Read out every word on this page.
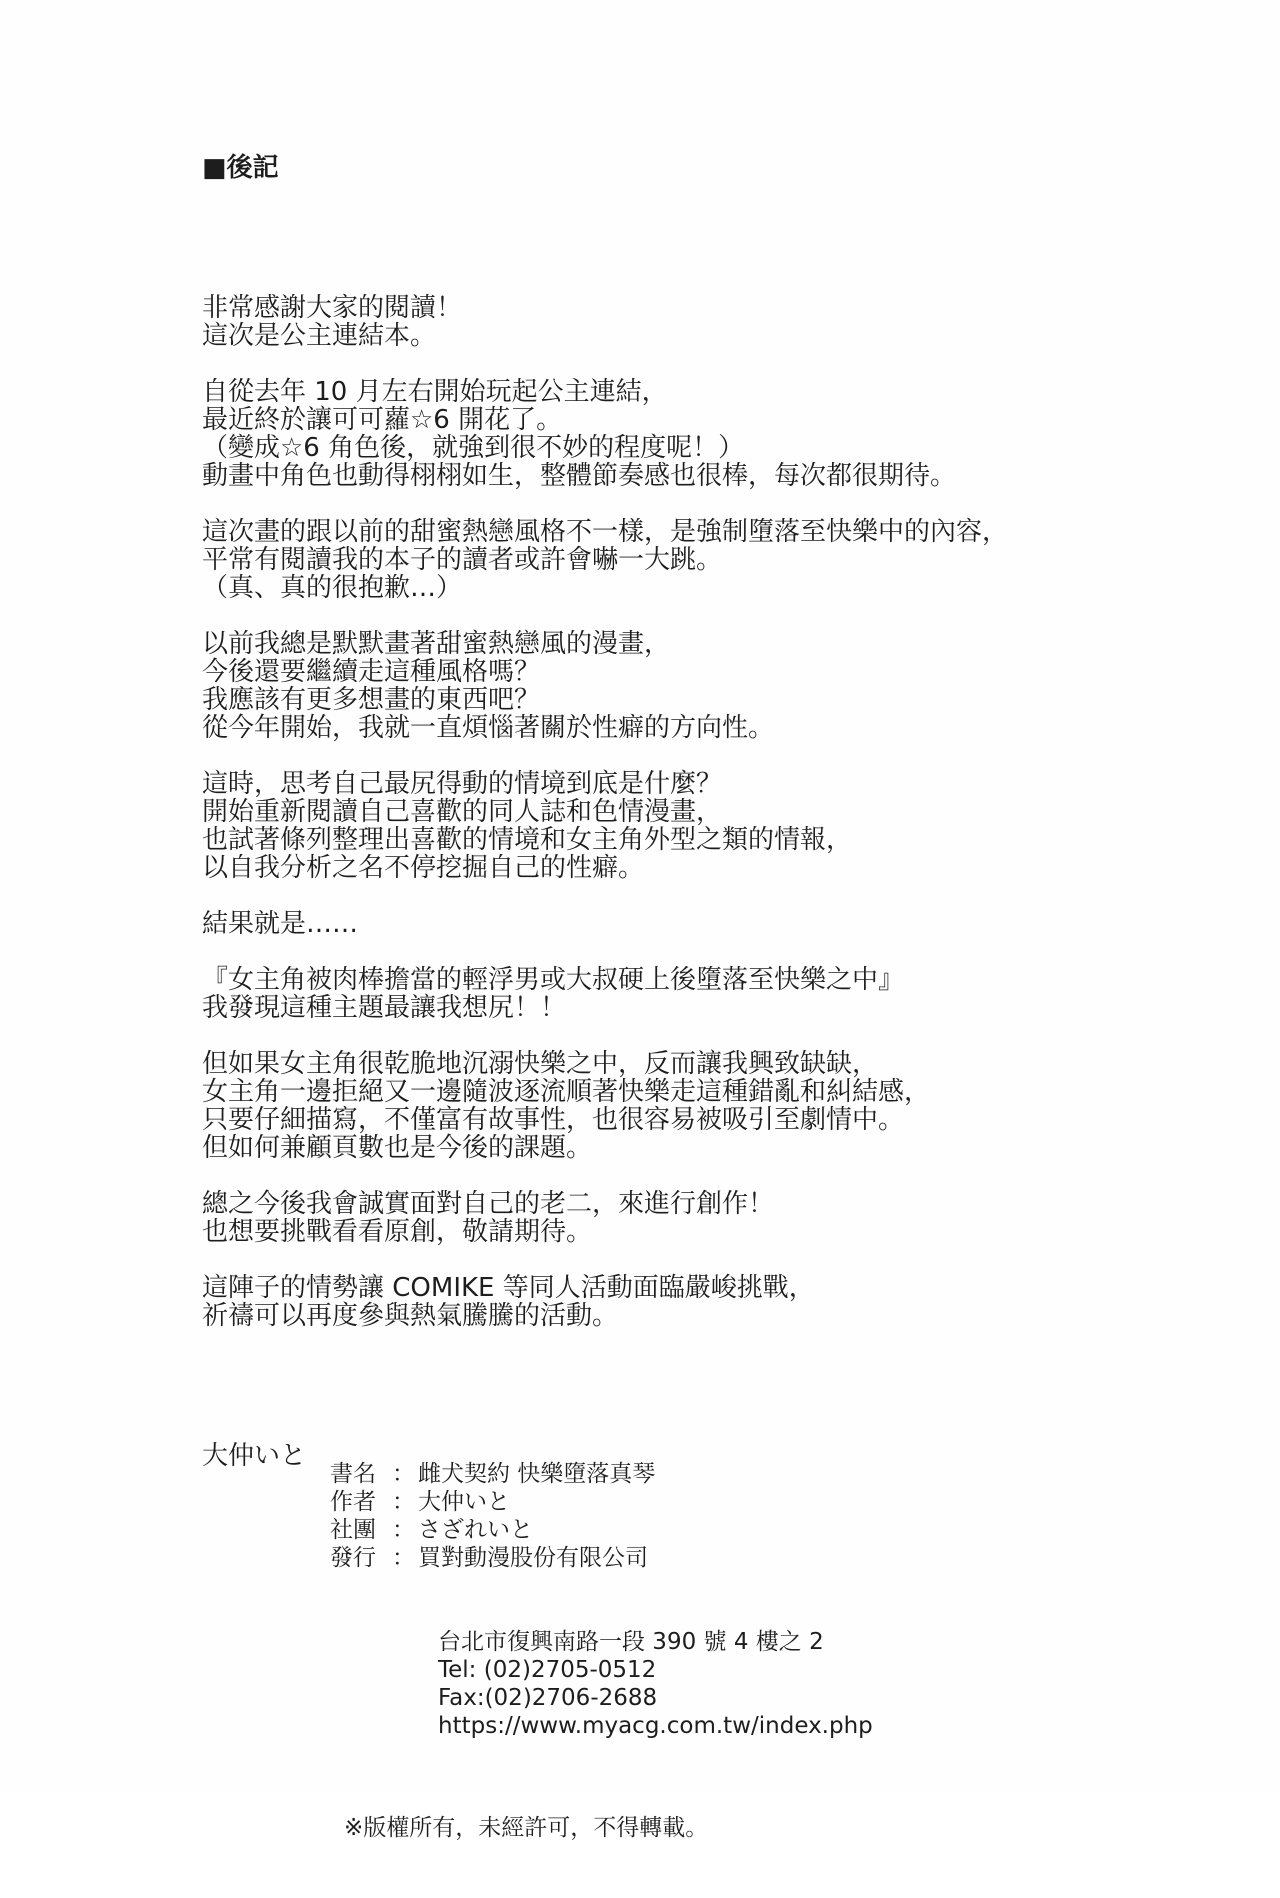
■後記

非常感謝大家的閱讀！
這次是公主連結本。

自從去年 10 月左右開始玩起公主連結，
最近終於讓可可蘿☆6 開花了。
（變成☆6 角色後，就強到很不妙的程度呢！）
動畫中角色也動得栩栩如生，整體節奏感也很棒，每次都很期待。

這次畫的跟以前的甜蜜熱戀風格不一樣，是強制墮落至快樂中的內容，
平常有閱讀我的本子的讀者或許會嚇一大跳。
（真、真的很抱歉…）

以前我總是默默畫著甜蜜熱戀風的漫畫，
今後還要繼續走這種風格嗎？
我應該有更多想畫的東西吧？
從今年開始，我就一直煩惱著關於性癖的方向性。

這時，思考自己最尻得動的情境到底是什麼？
開始重新閱讀自己喜歡的同人誌和色情漫畫，
也試著條列整理出喜歡的情境和女主角外型之類的情報，
以自我分析之名不停挖掘自己的性癖。

結果就是……

『女主角被肉棒擔當的輕浮男或大叔硬上後墮落至快樂之中』
我發現這種主題最讓我想尻！！

但如果女主角很乾脆地沉溺快樂之中，反而讓我興致缺缺，
女主角一邊拒絕又一邊隨波逐流順著快樂走這種錯亂和糾結感，
只要仔細描寫，不僅富有故事性，也很容易被吸引至劇情中。
但如何兼顧頁數也是今後的課題。

總之今後我會誠實面對自己的老二，來進行創作！
也想要挑戰看看原創，敬請期待。

這陣子的情勢讓 COMIKE 等同人活動面臨嚴峻挑戰，
祈禱可以再度參與熱氣騰騰的活動。

大仲いと

書名 ： 雌犬契約 快樂墮落真琴
作者 ： 大仲いと
社團 ： さざれいと
發行 ： 買對動漫股份有限公司

台北市復興南路一段 390 號 4 樓之 2
Tel: (02)2705-0512
Fax:(02)2706-2688
https://www.myacg.com.tw/index.php

※版權所有，未經許可，不得轉載。
